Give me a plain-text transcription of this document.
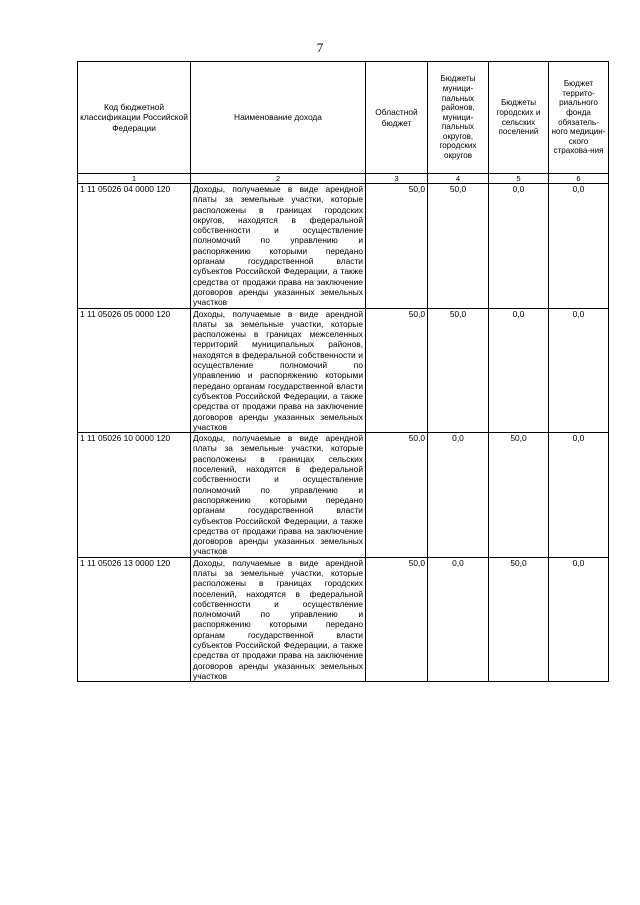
7
Код бюджетной классификации Российской Федерации	Наименование дохода	Областной бюджет	Бюджеты муници-пальных районов, муници-пальных округов, городских округов	Бюджеты городских и сельских поселений	Бюджет террито-риального фонда обязатель-ного медицин-ского страхова-ния
1	2	3	4	5	6
1 11 05026 04 0000 120	Доходы, получаемые в виде арендной платы за земельные участки, которые расположены в границах городских округов, находятся в федеральной собственности и осуществление полномочий по управлению и распоряжению которыми передано органам государственной власти субъектов Российской Федерации, а также средства от продажи права на заключение договоров аренды указанных земельных участков	50,0	50,0	0,0	0,0
1 11 05026 05 0000 120	Доходы, получаемые в виде арендной платы за земельные участки, которые расположены в границах межселенных территорий муниципальных районов, находятся в федеральной собственности и осуществление полномочий по управлению и распоряжению которыми передано органам государственной власти субъектов Российской Федерации, а также средства от продажи права на заключение договоров аренды указанных земельных участков	50,0	50,0	0,0	0,0
1 11 05026 10 0000 120	Доходы, получаемые в виде арендной платы за земельные участки, которые расположены в границах сельских поселений, находятся в федеральной собственности и осуществление полномочий по управлению и распоряжению которыми передано органам государственной власти субъектов Российской Федерации, а также средства от продажи права на заключение договоров аренды указанных земельных участков	50,0	0,0	50,0	0,0
1 11 05026 13 0000 120	Доходы, получаемые в виде арендной платы за земельные участки, которые расположены в границах городских поселений, находятся в федеральной собственности и осуществление полномочий по управлению и распоряжению которыми передано органам государственной власти субъектов Российской Федерации, а также средства от продажи права на заключение договоров аренды указанных земельных участков	50,0	0,0	50,0	0,0
